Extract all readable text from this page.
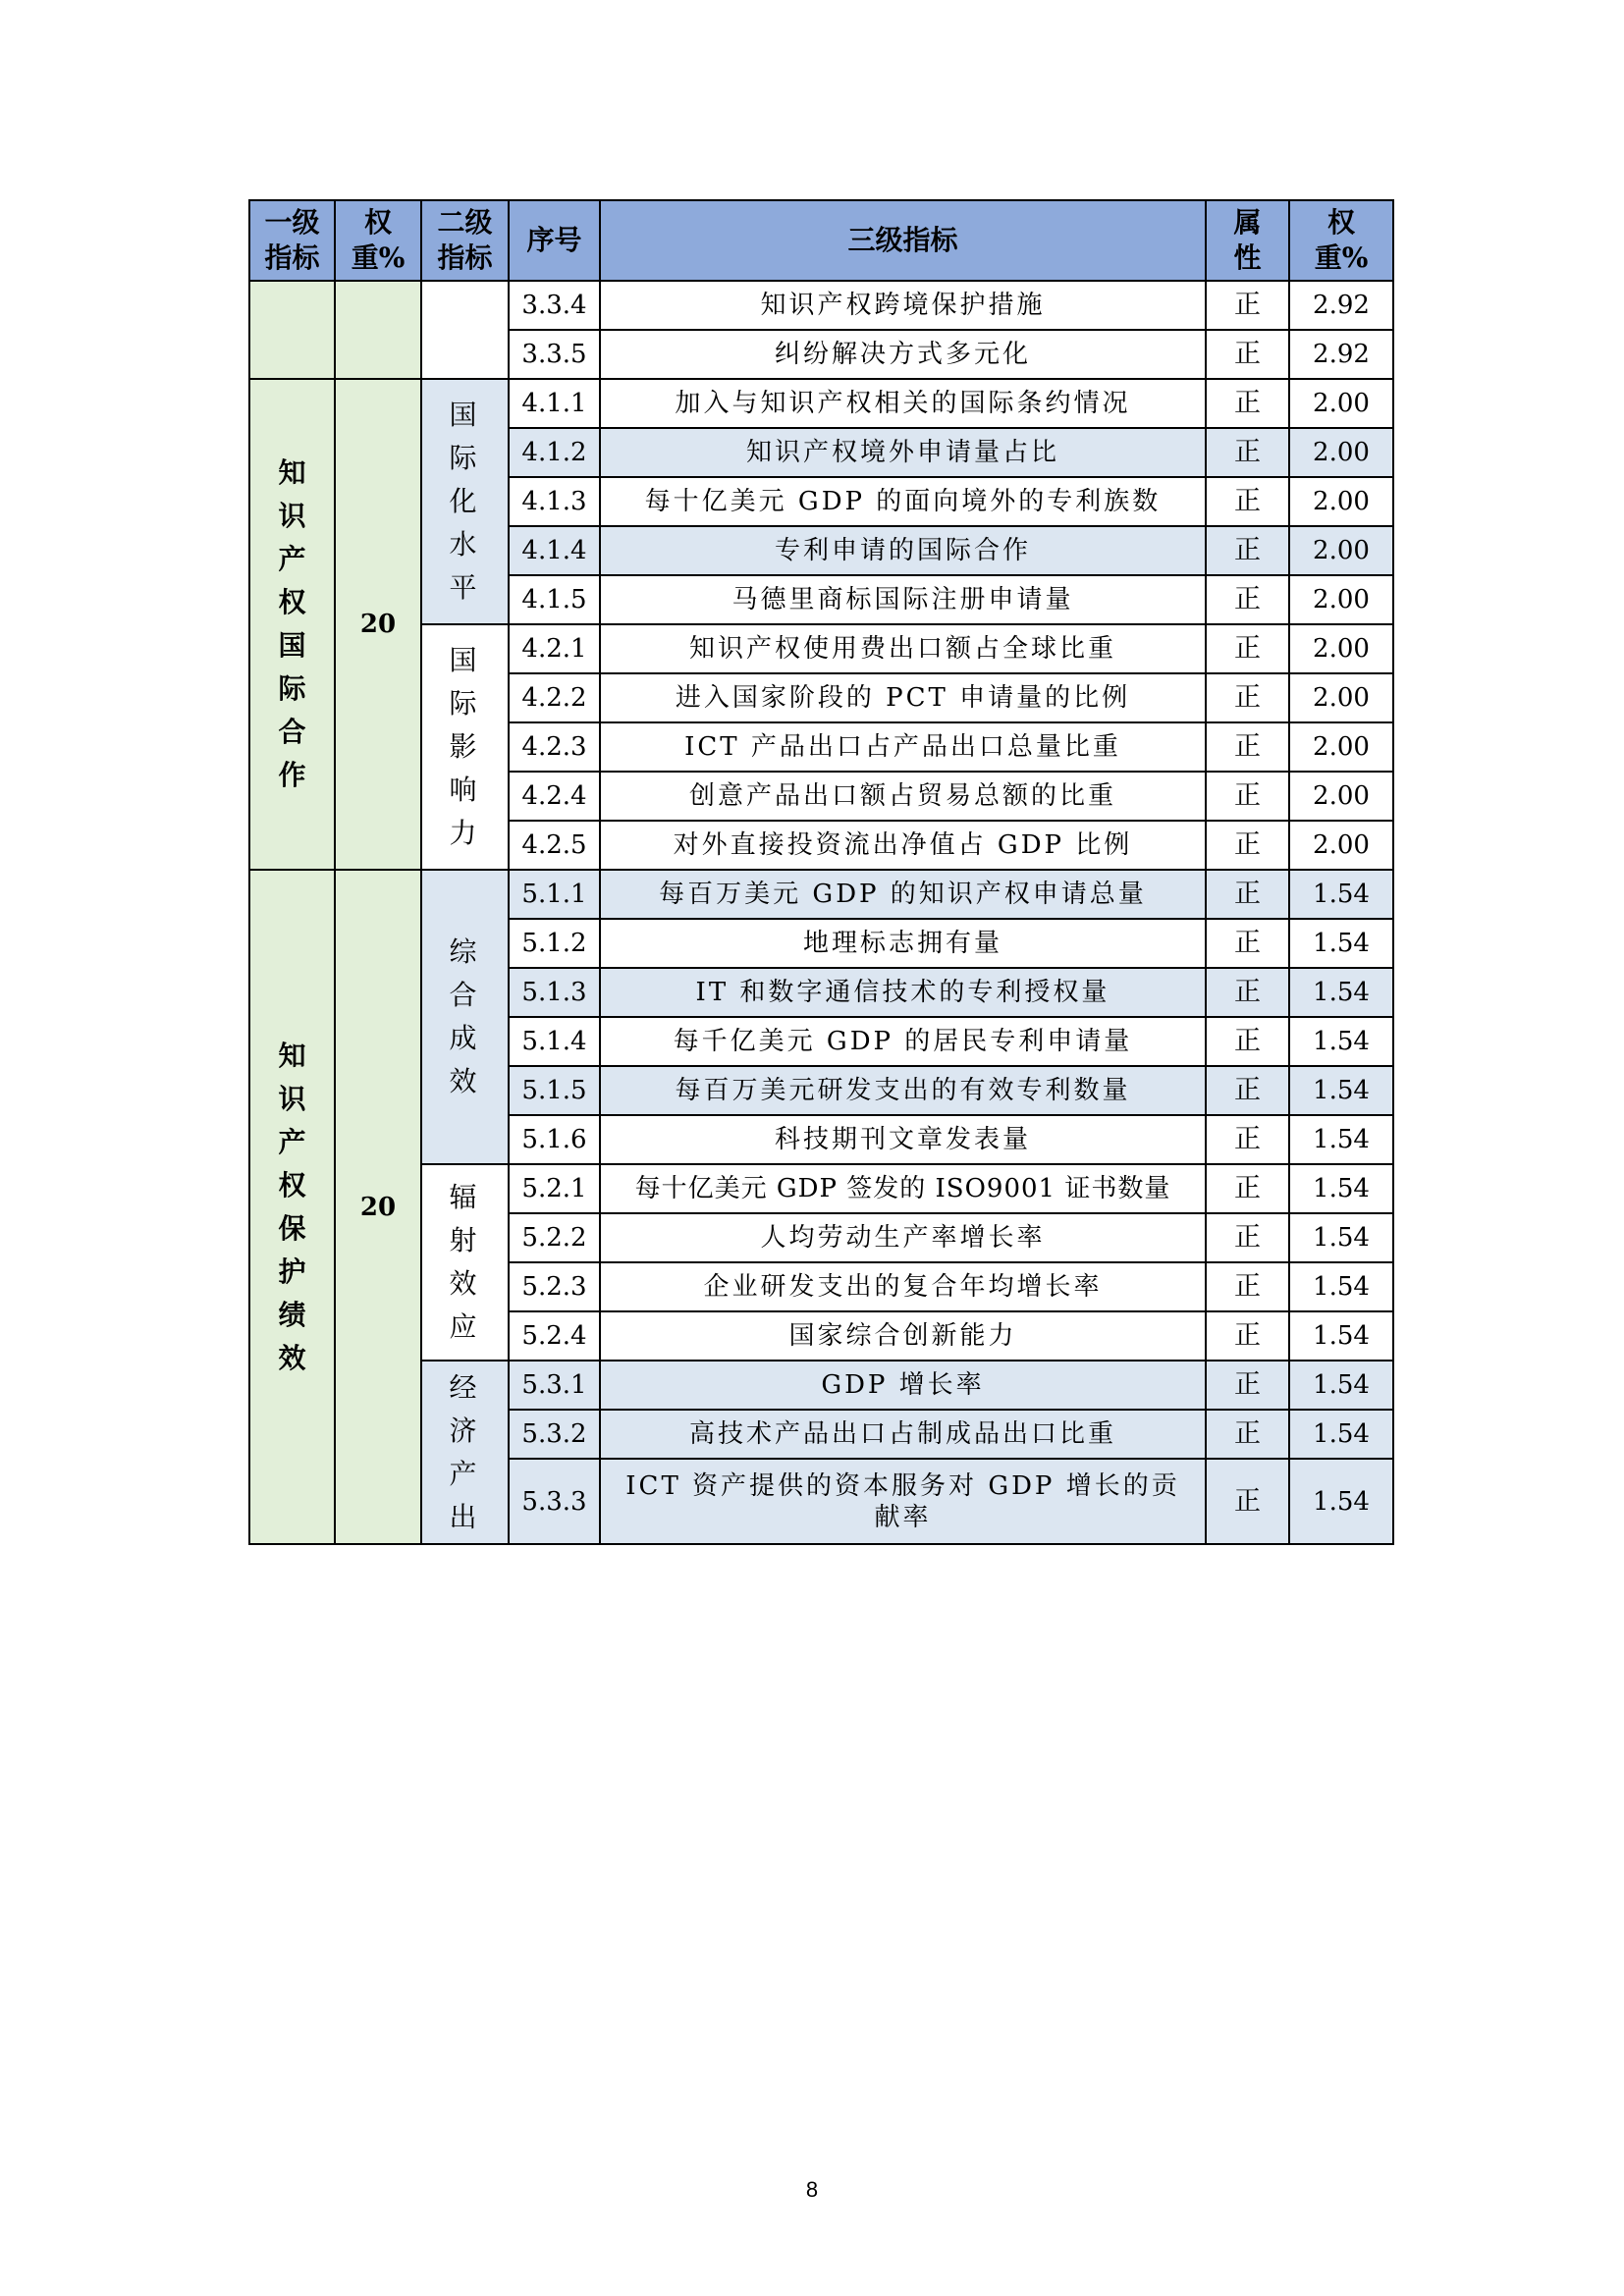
一级指标	权重%	二级指标	序号	三级指标	属性	权重%
			3.3.4	知识产权跨境保护措施	正	2.92
			3.3.5	纠纷解决方式多元化	正	2.92
知识产权国际合作	20	国际化水平	4.1.1	加入与知识产权相关的国际条约情况	正	2.00
			4.1.2	知识产权境外申请量占比	正	2.00
			4.1.3	每十亿美元 GDP 的面向境外的专利族数	正	2.00
			4.1.4	专利申请的国际合作	正	2.00
			4.1.5	马德里商标国际注册申请量	正	2.00
		国际影响力	4.2.1	知识产权使用费出口额占全球比重	正	2.00
			4.2.2	进入国家阶段的 PCT 申请量的比例	正	2.00
			4.2.3	ICT 产品出口占产品出口总量比重	正	2.00
			4.2.4	创意产品出口额占贸易总额的比重	正	2.00
			4.2.5	对外直接投资流出净值占 GDP 比例	正	2.00
知识产权保护绩效	20	综合成效	5.1.1	每百万美元 GDP 的知识产权申请总量	正	1.54
			5.1.2	地理标志拥有量	正	1.54
			5.1.3	IT 和数字通信技术的专利授权量	正	1.54
			5.1.4	每千亿美元 GDP 的居民专利申请量	正	1.54
			5.1.5	每百万美元研发支出的有效专利数量	正	1.54
			5.1.6	科技期刊文章发表量	正	1.54
		辐射效应	5.2.1	每十亿美元 GDP 签发的 ISO9001 证书数量	正	1.54
			5.2.2	人均劳动生产率增长率	正	1.54
			5.2.3	企业研发支出的复合年均增长率	正	1.54
			5.2.4	国家综合创新能力	正	1.54
		经济产出	5.3.1	GDP 增长率	正	1.54
			5.3.2	高技术产品出口占制成品出口比重	正	1.54
			5.3.3	ICT 资产提供的资本服务对 GDP 增长的贡献率	正	1.54
8
